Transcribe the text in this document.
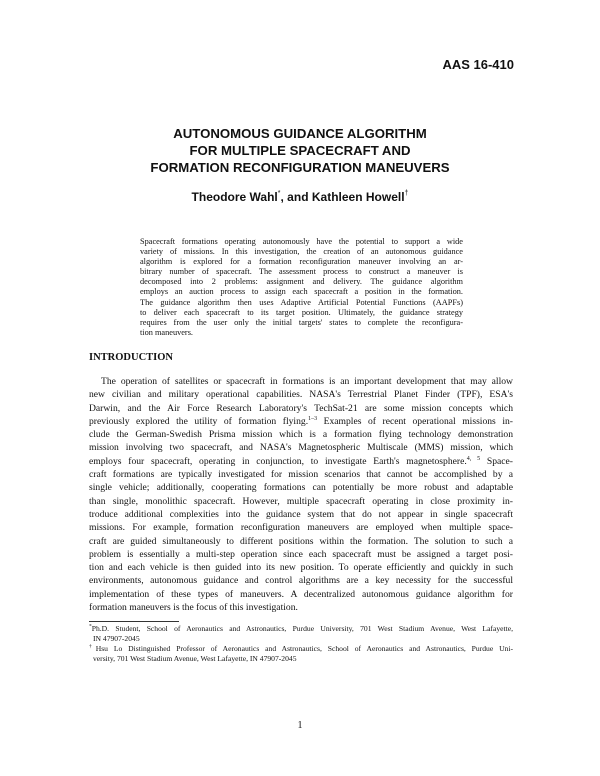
AAS 16-410
AUTONOMOUS GUIDANCE ALGORITHM
FOR MULTIPLE SPACECRAFT AND
FORMATION RECONFIGURATION MANEUVERS
Theodore Wahl*, and Kathleen Howell†
Spacecraft formations operating autonomously have the potential to support a wide
variety of missions. In this investigation, the creation of an autonomous guidance
algorithm is explored for a formation reconfiguration maneuver involving an ar-
bitrary number of spacecraft. The assessment process to construct a maneuver is
decomposed into 2 problems: assignment and delivery. The guidance algorithm
employs an auction process to assign each spacecraft a position in the formation.
The guidance algorithm then uses Adaptive Artificial Potential Functions (AAPFs)
to deliver each spacecraft to its target position. Ultimately, the guidance strategy
requires from the user only the initial targets' states to complete the reconfigura-
tion maneuvers.
INTRODUCTION
The operation of satellites or spacecraft in formations is an important development that may allow
new civilian and military operational capabilities. NASA's Terrestrial Planet Finder (TPF), ESA's
Darwin, and the Air Force Research Laboratory's TechSat-21 are some mission concepts which
previously explored the utility of formation flying.$^{1-3}$ Examples of recent operational missions in-
clude the German-Swedish Prisma mission which is a formation flying technology demonstration
mission involving two spacecraft, and NASA's Magnetospheric Multiscale (MMS) mission, which
employs four spacecraft, operating in conjunction, to investigate Earth's magnetosphere.$^{4, 5}$ Space-
craft formations are typically investigated for mission scenarios that cannot be accomplished by a
single vehicle; additionally, cooperating formations can potentially be more robust and adaptable
than single, monolithic spacecraft. However, multiple spacecraft operating in close proximity in-
troduce additional complexities into the guidance system that do not appear in single spacecraft
missions. For example, formation reconfiguration maneuvers are employed when multiple space-
craft are guided simultaneously to different positions within the formation. The solution to such a
problem is essentially a multi-step operation since each spacecraft must be assigned a target posi-
tion and each vehicle is then guided into its new position. To operate efficiently and quickly in such
environments, autonomous guidance and control algorithms are a key necessity for the successful
implementation of these types of maneuvers. A decentralized autonomous guidance algorithm for
formation maneuvers is the focus of this investigation.
*Ph.D. Student, School of Aeronautics and Astronautics, Purdue University, 701 West Stadium Avenue, West Lafayette,
IN 47907-2045
†Hsu Lo Distinguished Professor of Aeronautics and Astronautics, School of Aeronautics and Astronautics, Purdue Uni-
versity, 701 West Stadium Avenue, West Lafayette, IN 47907-2045
1
